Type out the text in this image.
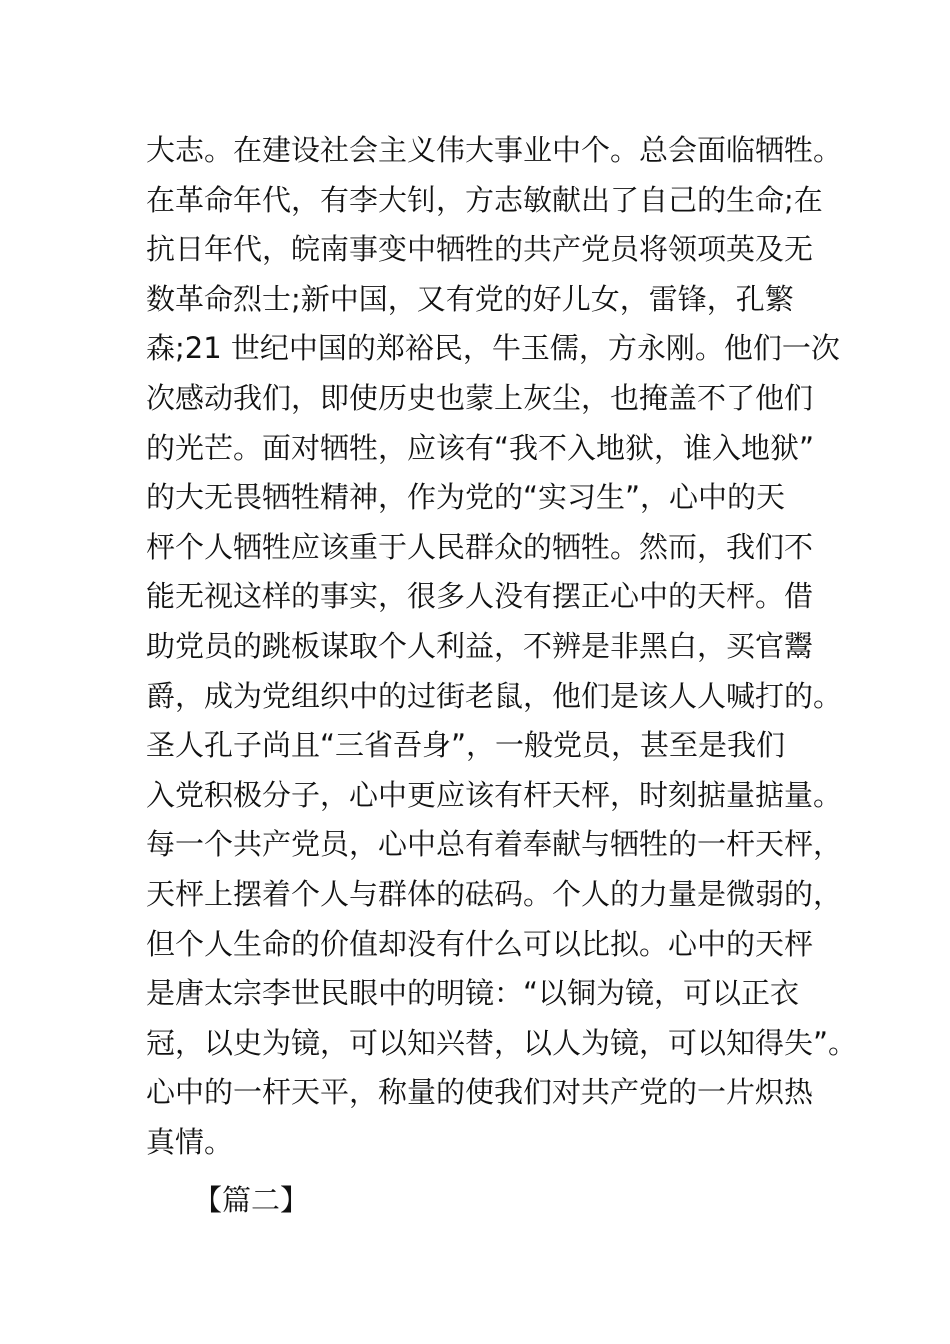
大志。在建设社会主义伟大事业中个。总会面临牺牲。
在革命年代，有李大钊，方志敏献出了自己的生命;在
抗日年代，皖南事变中牺牲的共产党员将领项英及无
数革命烈士;新中国，又有党的好儿女，雷锋，孔繁
森;21 世纪中国的郑裕民，牛玉儒，方永刚。他们一次
次感动我们，即使历史也蒙上灰尘，也掩盖不了他们
的光芒。面对牺牲，应该有“我不入地狱，谁入地狱”
的大无畏牺牲精神，作为党的“实习生”，心中的天
枰个人牺牲应该重于人民群众的牺牲。然而，我们不
能无视这样的事实，很多人没有摆正心中的天枰。借
助党员的跳板谋取个人利益，不辨是非黑白，买官鬻
爵，成为党组织中的过街老鼠，他们是该人人喊打的。
圣人孔子尚且“三省吾身”，一般党员，甚至是我们
入党积极分子，心中更应该有杆天枰，时刻掂量掂量。
每一个共产党员，心中总有着奉献与牺牲的一杆天枰，
天枰上摆着个人与群体的砝码。个人的力量是微弱的，
但个人生命的价值却没有什么可以比拟。心中的天枰
是唐太宗李世民眼中的明镜：“以铜为镜，可以正衣
冠，以史为镜，可以知兴替，以人为镜，可以知得失”。
心中的一杆天平，称量的使我们对共产党的一片炽热
真情。
【篇二】
